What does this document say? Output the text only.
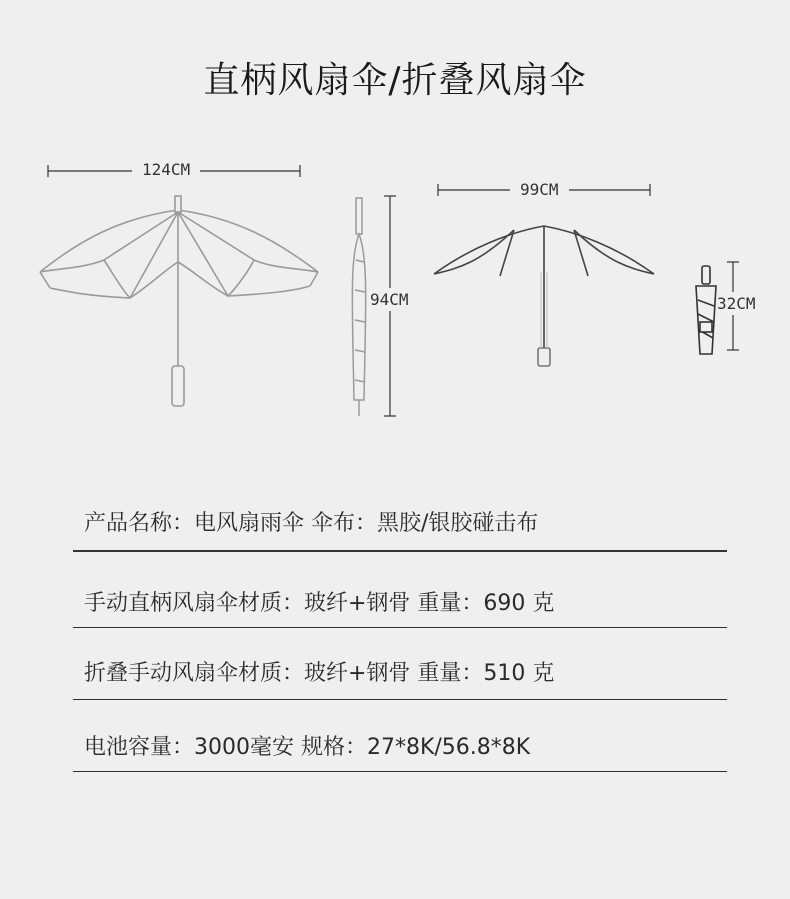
直柄风扇伞/折叠风扇伞
124CM
94CM
99CM
32CM
产品名称：电风扇雨伞 伞布：黑胶/银胶碰击布
手动直柄风扇伞材质：玻纤+钢骨 重量：690 克
折叠手动风扇伞材质：玻纤+钢骨 重量：510 克
电池容量：3000毫安 规格：27*8K/56.8*8K
